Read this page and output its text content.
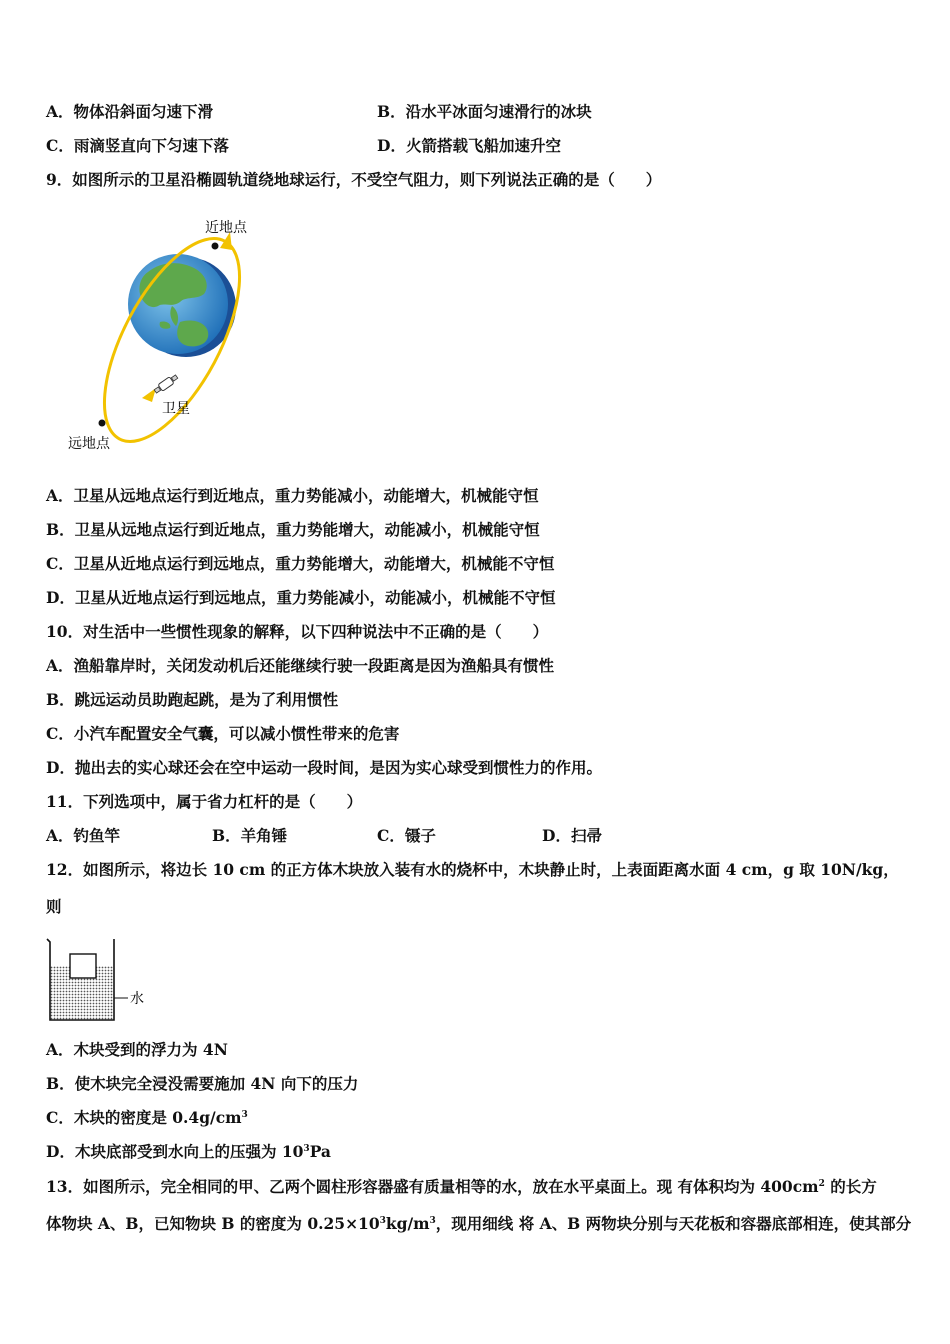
A．物体沿斜面匀速下滑	B．沿水平冰面匀速滑行的冰块
C．雨滴竖直向下匀速下落	D．火箭搭载飞船加速升空
9．如图所示的卫星沿椭圆轨道绕地球运行，不受空气阻力，则下列说法正确的是（　　）
近地点
卫星
远地点
A．卫星从远地点运行到近地点，重力势能减小，动能增大，机械能守恒
B．卫星从远地点运行到近地点，重力势能增大，动能减小，机械能守恒
C．卫星从近地点运行到远地点，重力势能增大，动能增大，机械能不守恒
D．卫星从近地点运行到远地点，重力势能减小，动能减小，机械能不守恒
10．对生活中一些惯性现象的解释，以下四种说法中不正确的是（　　）
A．渔船靠岸时，关闭发动机后还能继续行驶一段距离是因为渔船具有惯性
B．跳远运动员助跑起跳，是为了利用惯性
C．小汽车配置安全气囊，可以减小惯性带来的危害
D．抛出去的实心球还会在空中运动一段时间，是因为实心球受到惯性力的作用。
11．下列选项中，属于省力杠杆的是（　　）
A．钓鱼竿	B．羊角锤	C．镊子	D．扫帚
12．如图所示，将边长 10 cm 的正方体木块放入装有水的烧杯中，木块静止时，上表面距离水面 4 cm，g 取 10N/kg，
则
水
A．木块受到的浮力为 4N
B．使木块完全浸没需要施加 4N 向下的压力
C．木块的密度是 $0.4g/cm^3$
D．木块底部受到水向上的压强为 $10^3Pa$
13．如图所示，完全相同的甲、乙两个圆柱形容器盛有质量相等的水，放在水平桌面上。现 有体积均为 $400cm^2$ 的长方
体物块 A、B，已知物块 B 的密度为 $0.25\times 10^3kg/m^3$，现用细线 将 A、B 两物块分别与天花板和容器底部相连，使其部分
